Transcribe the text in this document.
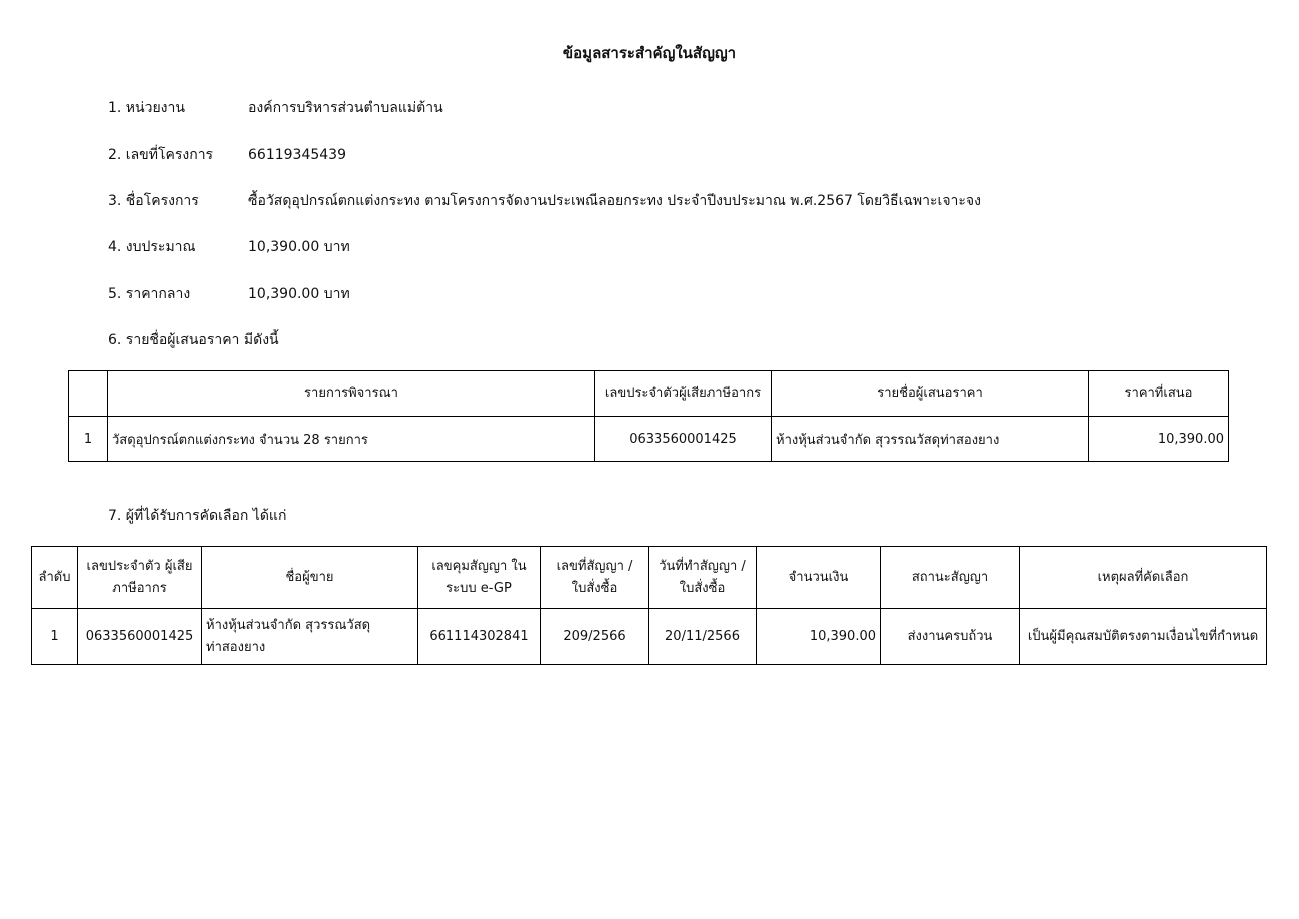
ข้อมูลสาระสำคัญในสัญญา
1. หน่วยงาน	องค์การบริหารส่วนตำบลแม่ต้าน
2. เลขที่โครงการ 66119345439
3. ชื่อโครงการ	ซื้อวัสดุอุปกรณ์ตกแต่งกระทง ตามโครงการจัดงานประเพณีลอยกระทง ประจำปีงบประมาณ พ.ศ.2567 โดยวิธีเฉพาะเจาะจง
4. งบประมาณ	10,390.00 บาท
5. ราคากลาง	10,390.00 บาท
6. รายชื่อผู้เสนอราคา มีดังนี้
	รายการพิจารณา	เลขประจำตัวผู้เสียภาษีอากร	รายชื่อผู้เสนอราคา	ราคาที่เสนอ
1	วัสดุอุปกรณ์ตกแต่งกระทง จำนวน 28 รายการ	0633560001425	ห้างหุ้นส่วนจำกัด สุวรรณวัสดุท่าสองยาง	10,390.00
7. ผู้ที่ได้รับการคัดเลือก ได้แก่
ลำดับ	เลขประจำตัว ผู้เสียภาษีอากร	ชื่อผู้ขาย	เลขคุมสัญญา ในระบบ e-GP	เลขที่สัญญา / ใบสั่งซื้อ	วันที่ทำสัญญา / ใบสั่งซื้อ	จำนวนเงิน	สถานะสัญญา	เหตุผลที่คัดเลือก
1	0633560001425	ห้างหุ้นส่วนจำกัด สุวรรณวัสดุท่าสองยาง	661114302841	209/2566	20/11/2566	10,390.00	ส่งงานครบถ้วน	เป็นผู้มีคุณสมบัติตรงตามเงื่อนไขที่กำหนด
